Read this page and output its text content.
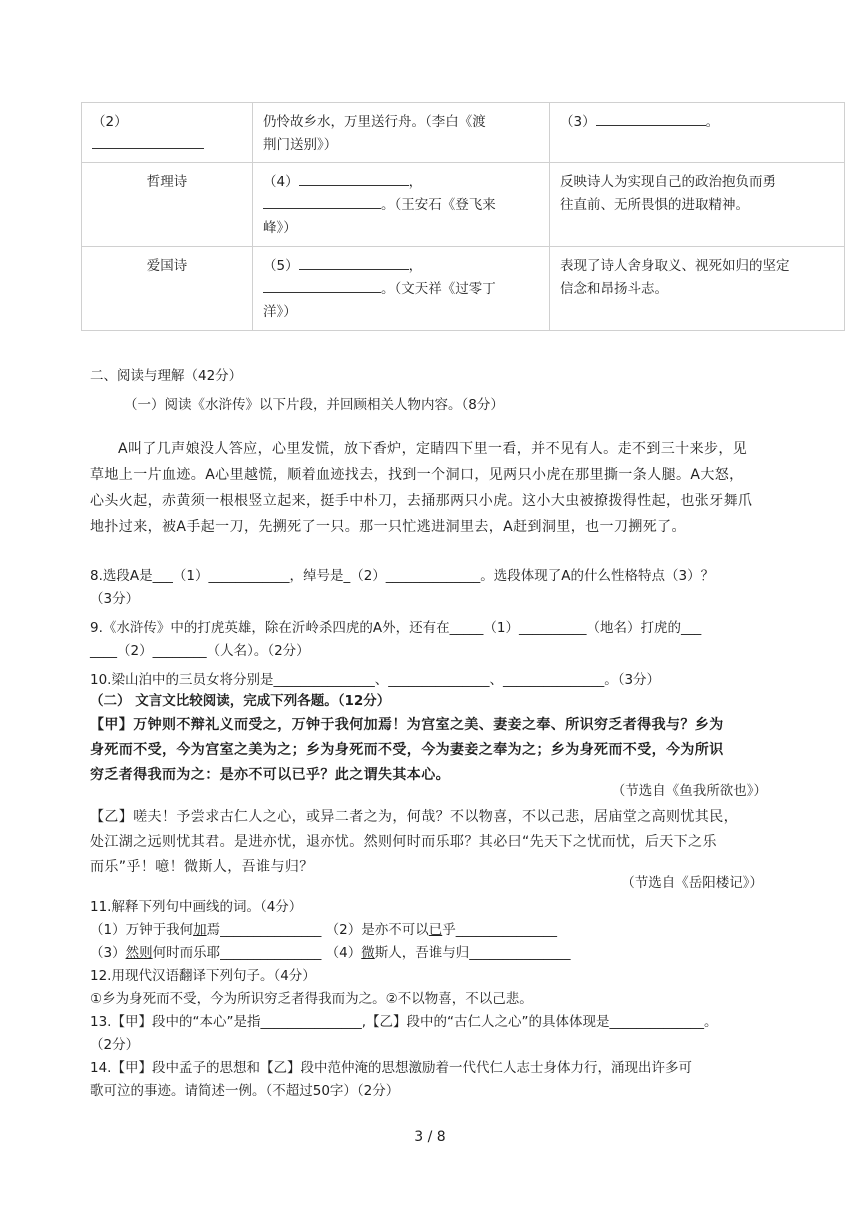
（2）	仍怜故乡水，万里送行舟。（李白《渡
荆门送别》）	（3） 。
哲理诗	（4） ，
。（王安石《登飞来
峰》）	反映诗人为实现自己的政治抱负而勇
往直前、无所畏惧的进取精神。

爱国诗	（5） ，
。（文天祥《过零丁
洋》）	表现了诗人舍身取义、视死如归的坚定
信念和昂扬斗志。
二、阅读与理解（42分）
（一）阅读《水浒传》以下片段，并回顾相关人物内容。（8分）
A叫了几声娘没人答应，心里发慌，放下香炉，定睛四下里一看，并不见有人。走不到三十来步，见
草地上一片血迹。A心里越慌，顺着血迹找去，找到一个洞口，见两只小虎在那里撕一条人腿。A大怒，
心头火起，赤黄须一根根竖立起来，挺手中朴刀，去捅那两只小虎。这小大虫被撩拨得性起，也张牙舞爪
地扑过来，被A手起一刀，先搠死了一只。那一只忙逃进洞里去，A赶到洞里，也一刀搠死了。
8.选段A是___（1）____________，绰号是_（2）______________。选段体现了A的什么性格特点（3）？
（3分）
9.《水浒传》中的打虎英雄，除在沂岭杀四虎的A外，还有在_____（1）__________（地名）打虎的___
____（2）________（人名）。（2分）
10.梁山泊中的三员女将分别是_______________、_______________、_______________。（3分）
（二） 文言文比较阅读，完成下列各题。（12分）
【甲】万钟则不辩礼义而受之，万钟于我何加焉！为宫室之美、妻妾之奉、所识穷乏者得我与？乡为
身死而不受，今为宫室之美为之；乡为身死而不受，今为妻妾之奉为之；乡为身死而不受，今为所识
穷乏者得我而为之：是亦不可以已乎？此之谓失其本心。
（节选自《鱼我所欲也》）
【乙】嗟夫！予尝求古仁人之心，或异二者之为，何哉？不以物喜，不以己悲，居庙堂之高则忧其民，
处江湖之远则忧其君。是进亦忧，退亦忧。然则何时而乐耶？其必曰“先天下之忧而忧，后天下之乐
而乐”乎！噫！微斯人，吾谁与归？
（节选自《岳阳楼记》）
11.解释下列句中画线的词。（4分）
（1）万钟于我何加焉_______________ （2）是亦不可以已乎_______________
（3）然则何时而乐耶_______________ （4）微斯人，吾谁与归_______________
12.用现代汉语翻译下列句子。（4分）
①乡为身死而不受，今为所识穷乏者得我而为之。②不以物喜，不以己悲。
13.【甲】段中的“本心”是指_______________,【乙】段中的“古仁人之心”的具体体现是______________。
（2分）
14.【甲】段中孟子的思想和【乙】段中范仲淹的思想激励着一代代仁人志士身体力行，涌现出许多可
歌可泣的事迹。请简述一例。（不超过50字）（2分）
3 / 8
